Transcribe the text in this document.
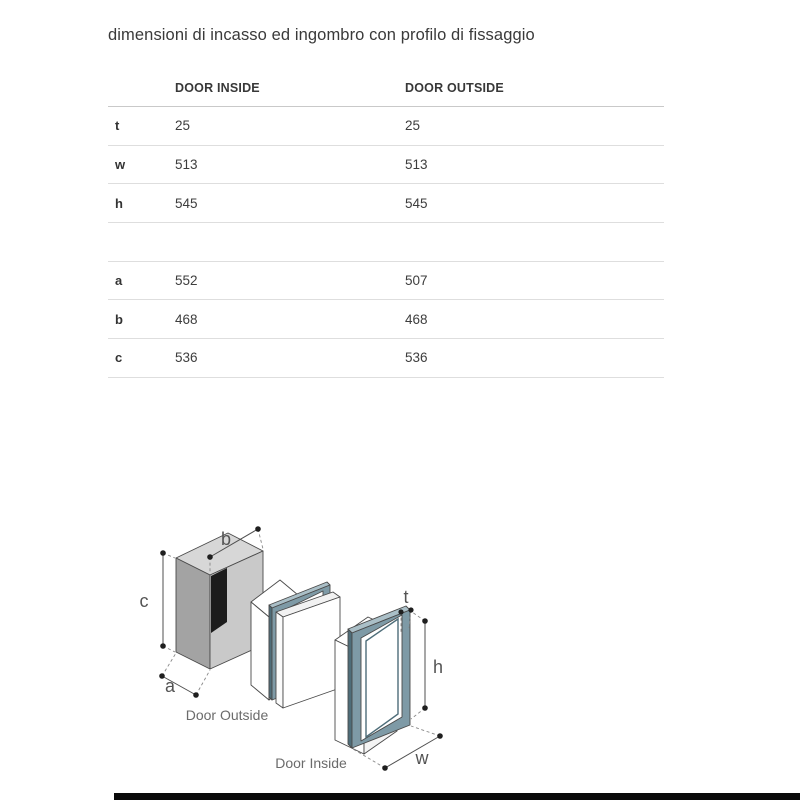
dimensioni di incasso ed ingombro con profilo di fissaggio
DOOR INSIDE	DOOR OUTSIDE
t	25	25
w	513	513
h	545	545
a	552	507
b	468	468
c	536	536
c
a
b
Door Outside
Door Inside
t
h
w
